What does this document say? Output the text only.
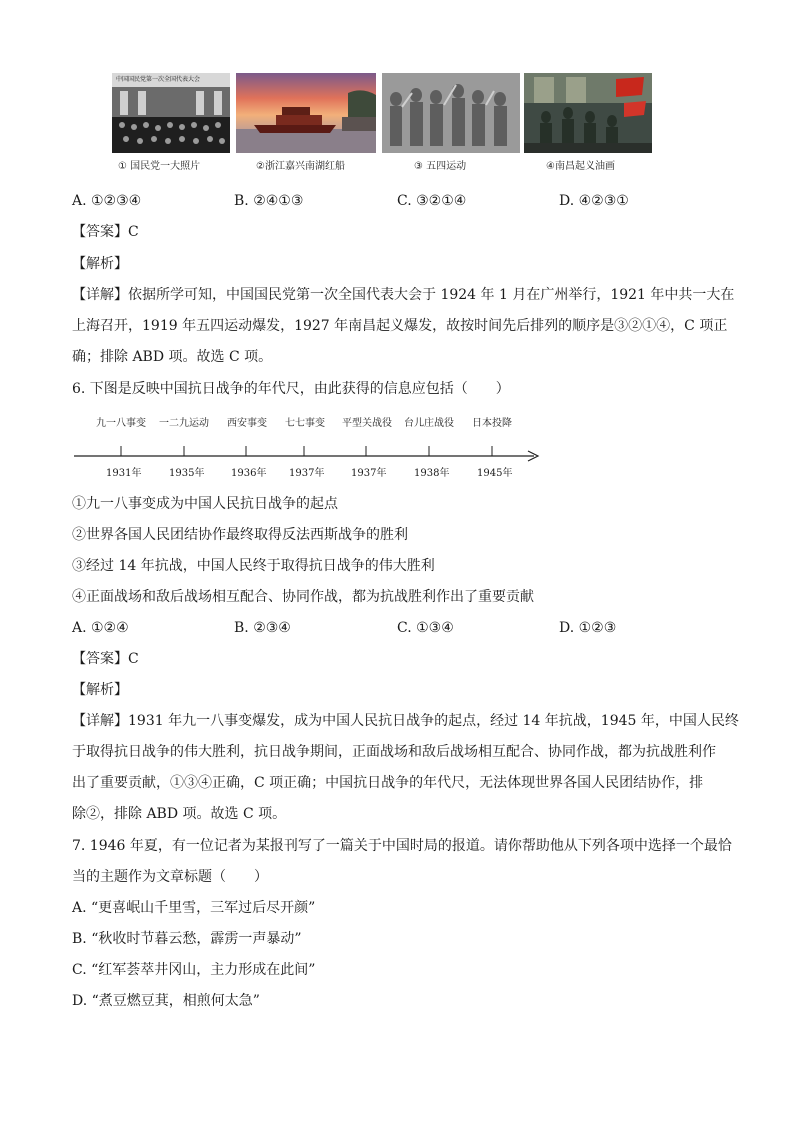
中国国民党第一次全国代表大会
① 国民党一大照片	②浙江嘉兴南湖红船	③ 五四运动	④南昌起义油画
A. ①②③④	B. ②④①③	C. ③②①④	D. ④②③①
【答案】C
【解析】
【详解】依据所学可知，中国国民党第一次全国代表大会于 1924 年 1 月在广州举行，1921 年中共一大在
上海召开，1919 年五四运动爆发，1927 年南昌起义爆发，故按时间先后排列的顺序是③②①④，C 项正
确；排除 ABD 项。故选 C 项。
6. 下图是反映中国抗日战争的年代尺，由此获得的信息应包括（　　）
九一八事变 一二九运动 西安事变 七七事变 平型关战役 台儿庄战役 日本投降
1931年	1935年	1936年 1937年	1937年	1938年	1945年
①九一八事变成为中国人民抗日战争的起点
②世界各国人民团结协作最终取得反法西斯战争的胜利
③经过 14 年抗战，中国人民终于取得抗日战争的伟大胜利
④正面战场和敌后战场相互配合、协同作战，都为抗战胜利作出了重要贡献
A. ①②④	B. ②③④	C. ①③④	D. ①②③
【答案】C
【解析】
【详解】1931 年九一八事变爆发，成为中国人民抗日战争的起点，经过 14 年抗战，1945 年，中国人民终
于取得抗日战争的伟大胜利，抗日战争期间，正面战场和敌后战场相互配合、协同作战，都为抗战胜利作
出了重要贡献，①③④正确，C 项正确；中国抗日战争的年代尺，无法体现世界各国人民团结协作，排
除②，排除 ABD 项。故选 C 项。
7. 1946 年夏，有一位记者为某报刊写了一篇关于中国时局的报道。请你帮助他从下列各项中选择一个最恰
当的主题作为文章标题（　　）
A. “更喜岷山千里雪，三军过后尽开颜”
B. “秋收时节暮云愁，霹雳一声暴动”
C. “红军荟萃井冈山，主力形成在此间”
D. “煮豆燃豆萁，相煎何太急”
